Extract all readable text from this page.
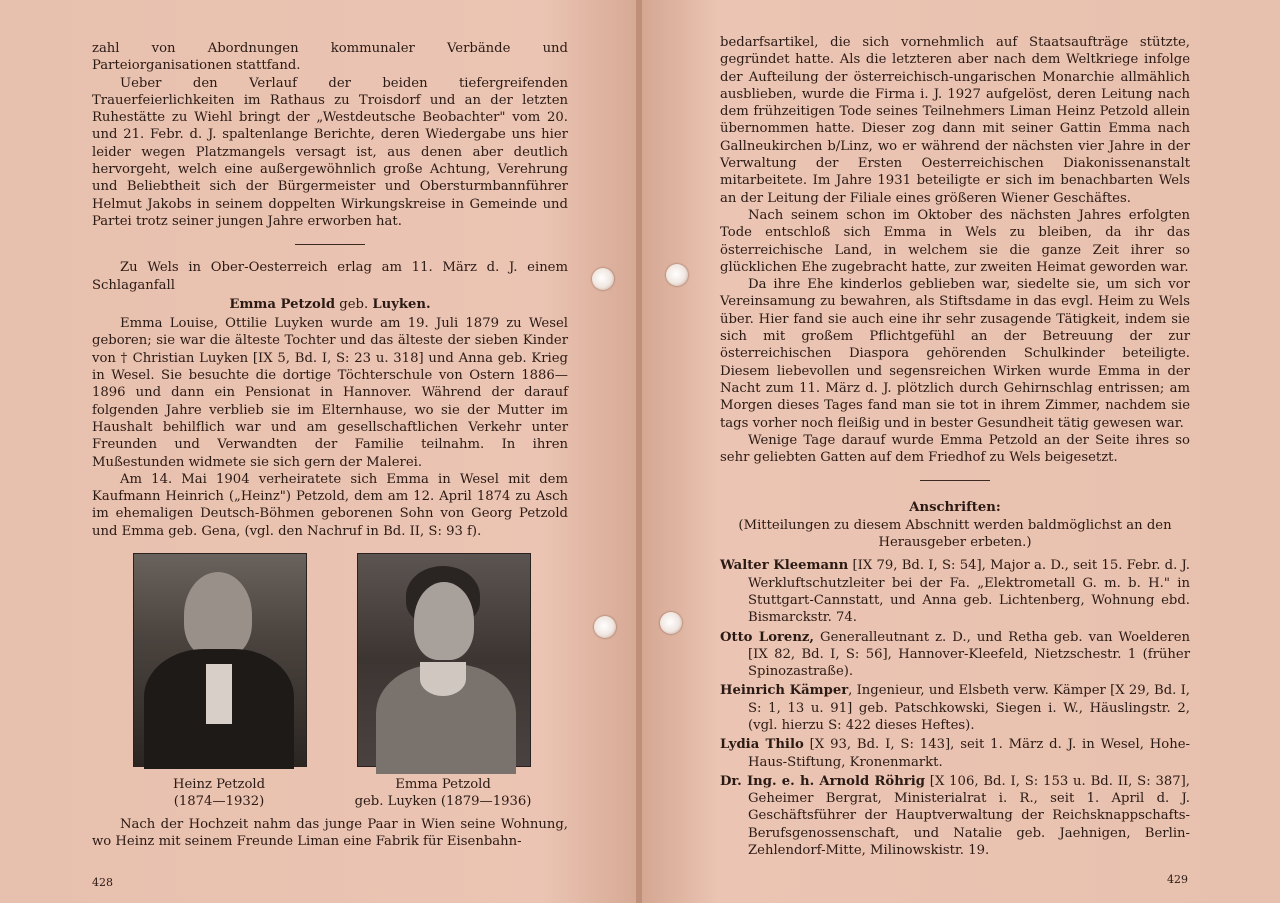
zahl von Abordnungen kommunaler Verbände und Parteiorganisationen stattfand.

Ueber den Verlauf der beiden tiefergreifenden Trauerfeierlichkeiten im Rathaus zu Troisdorf und an der letzten Ruhestätte zu Wiehl bringt der „Westdeutsche Beobachter" vom 20. und 21. Febr. d. J. spaltenlange Berichte, deren Wiedergabe uns hier leider wegen Platzmangels versagt ist, aus denen aber deutlich hervorgeht, welch eine außergewöhnlich große Achtung, Verehrung und Beliebtheit sich der Bürgermeister und Obersturmbannführer Helmut Jakobs in seinem doppelten Wirkungskreise in Gemeinde und Partei trotz seiner jungen Jahre erworben hat.

Zu Wels in Ober-Oesterreich erlag am 11. März d. J. einem Schlaganfall

Emma Petzold geb. Luyken.

Emma Louise, Ottilie Luyken wurde am 19. Juli 1879 zu Wesel geboren; sie war die älteste Tochter und das älteste der sieben Kinder von † Christian Luyken [IX 5, Bd. I, S: 23 u. 318] und Anna geb. Krieg in Wesel. Sie besuchte die dortige Töchterschule von Ostern 1886—1896 und dann ein Pensionat in Hannover. Während der darauf folgenden Jahre verblieb sie im Elternhause, wo sie der Mutter im Haushalt behilflich war und am gesellschaftlichen Verkehr unter Freunden und Verwandten der Familie teilnahm. In ihren Mußestunden widmete sie sich gern der Malerei.

Am 14. Mai 1904 verheiratete sich Emma in Wesel mit dem Kaufmann Heinrich („Heinz") Petzold, dem am 12. April 1874 zu Asch im ehemaligen Deutsch-Böhmen geborenen Sohn von Georg Petzold und Emma geb. Gena, (vgl. den Nachruf in Bd. II, S: 93 f).

Heinz Petzold
(1874—1932)
Emma Petzold
geb. Luyken (1879—1936)

Nach der Hochzeit nahm das junge Paar in Wien seine Wohnung, wo Heinz mit seinem Freunde Liman eine Fabrik für Eisenbahn-

428

bedarfsartikel, die sich vornehmlich auf Staatsaufträge stützte, gegründet hatte. Als die letzteren aber nach dem Weltkriege infolge der Aufteilung der österreichisch-ungarischen Monarchie allmählich ausblieben, wurde die Firma i. J. 1927 aufgelöst, deren Leitung nach dem frühzeitigen Tode seines Teilnehmers Liman Heinz Petzold allein übernommen hatte. Dieser zog dann mit seiner Gattin Emma nach Gallneukirchen b/Linz, wo er während der nächsten vier Jahre in der Verwaltung der Ersten Oesterreichischen Diakonissenanstalt mitarbeitete. Im Jahre 1931 beteiligte er sich im benachbarten Wels an der Leitung der Filiale eines größeren Wiener Geschäftes.

Nach seinem schon im Oktober des nächsten Jahres erfolgten Tode entschloß sich Emma in Wels zu bleiben, da ihr das österreichische Land, in welchem sie die ganze Zeit ihrer so glücklichen Ehe zugebracht hatte, zur zweiten Heimat geworden war.

Da ihre Ehe kinderlos geblieben war, siedelte sie, um sich vor Vereinsamung zu bewahren, als Stiftsdame in das evgl. Heim zu Wels über. Hier fand sie auch eine ihr sehr zusagende Tätigkeit, indem sie sich mit großem Pflichtgefühl an der Betreuung der zur österreichischen Diaspora gehörenden Schulkinder beteiligte. Diesem liebevollen und segensreichen Wirken wurde Emma in der Nacht zum 11. März d. J. plötzlich durch Gehirnschlag entrissen; am Morgen dieses Tages fand man sie tot in ihrem Zimmer, nachdem sie tags vorher noch fleißig und in bester Gesundheit tätig gewesen war.

Wenige Tage darauf wurde Emma Petzold an der Seite ihres so sehr geliebten Gatten auf dem Friedhof zu Wels beigesetzt.

Anschriften:

(Mitteilungen zu diesem Abschnitt werden baldmöglichst an den Herausgeber erbeten.)

Walter Kleemann [IX 79, Bd. I, S: 54], Major a. D., seit 15. Febr. d. J. Werkluftschutzleiter bei der Fa. „Elektrometall G. m. b. H." in Stuttgart-Cannstatt, und Anna geb. Lichtenberg, Wohnung ebd. Bismarckstr. 74.

Otto Lorenz, Generalleutnant z. D., und Retha geb. van Woelderen [IX 82, Bd. I, S: 56], Hannover-Kleefeld, Nietzschestr. 1 (früher Spinozastraße).

Heinrich Kämper, Ingenieur, und Elsbeth verw. Kämper [X 29, Bd. I, S: 1, 13 u. 91] geb. Patschkowski, Siegen i. W., Häuslingstr. 2, (vgl. hierzu S: 422 dieses Heftes).

Lydia Thilo [X 93, Bd. I, S: 143], seit 1. März d. J. in Wesel, Hohe-Haus-Stiftung, Kronenmarkt.

Dr. Ing. e. h. Arnold Röhrig [X 106, Bd. I, S: 153 u. Bd. II, S: 387], Geheimer Bergrat, Ministerialrat i. R., seit 1. April d. J. Geschäftsführer der Hauptverwaltung der Reichsknappschafts-Berufsgenossenschaft, und Natalie geb. Jaehnigen, Berlin-Zehlendorf-Mitte, Milinowskistr. 19.

429
